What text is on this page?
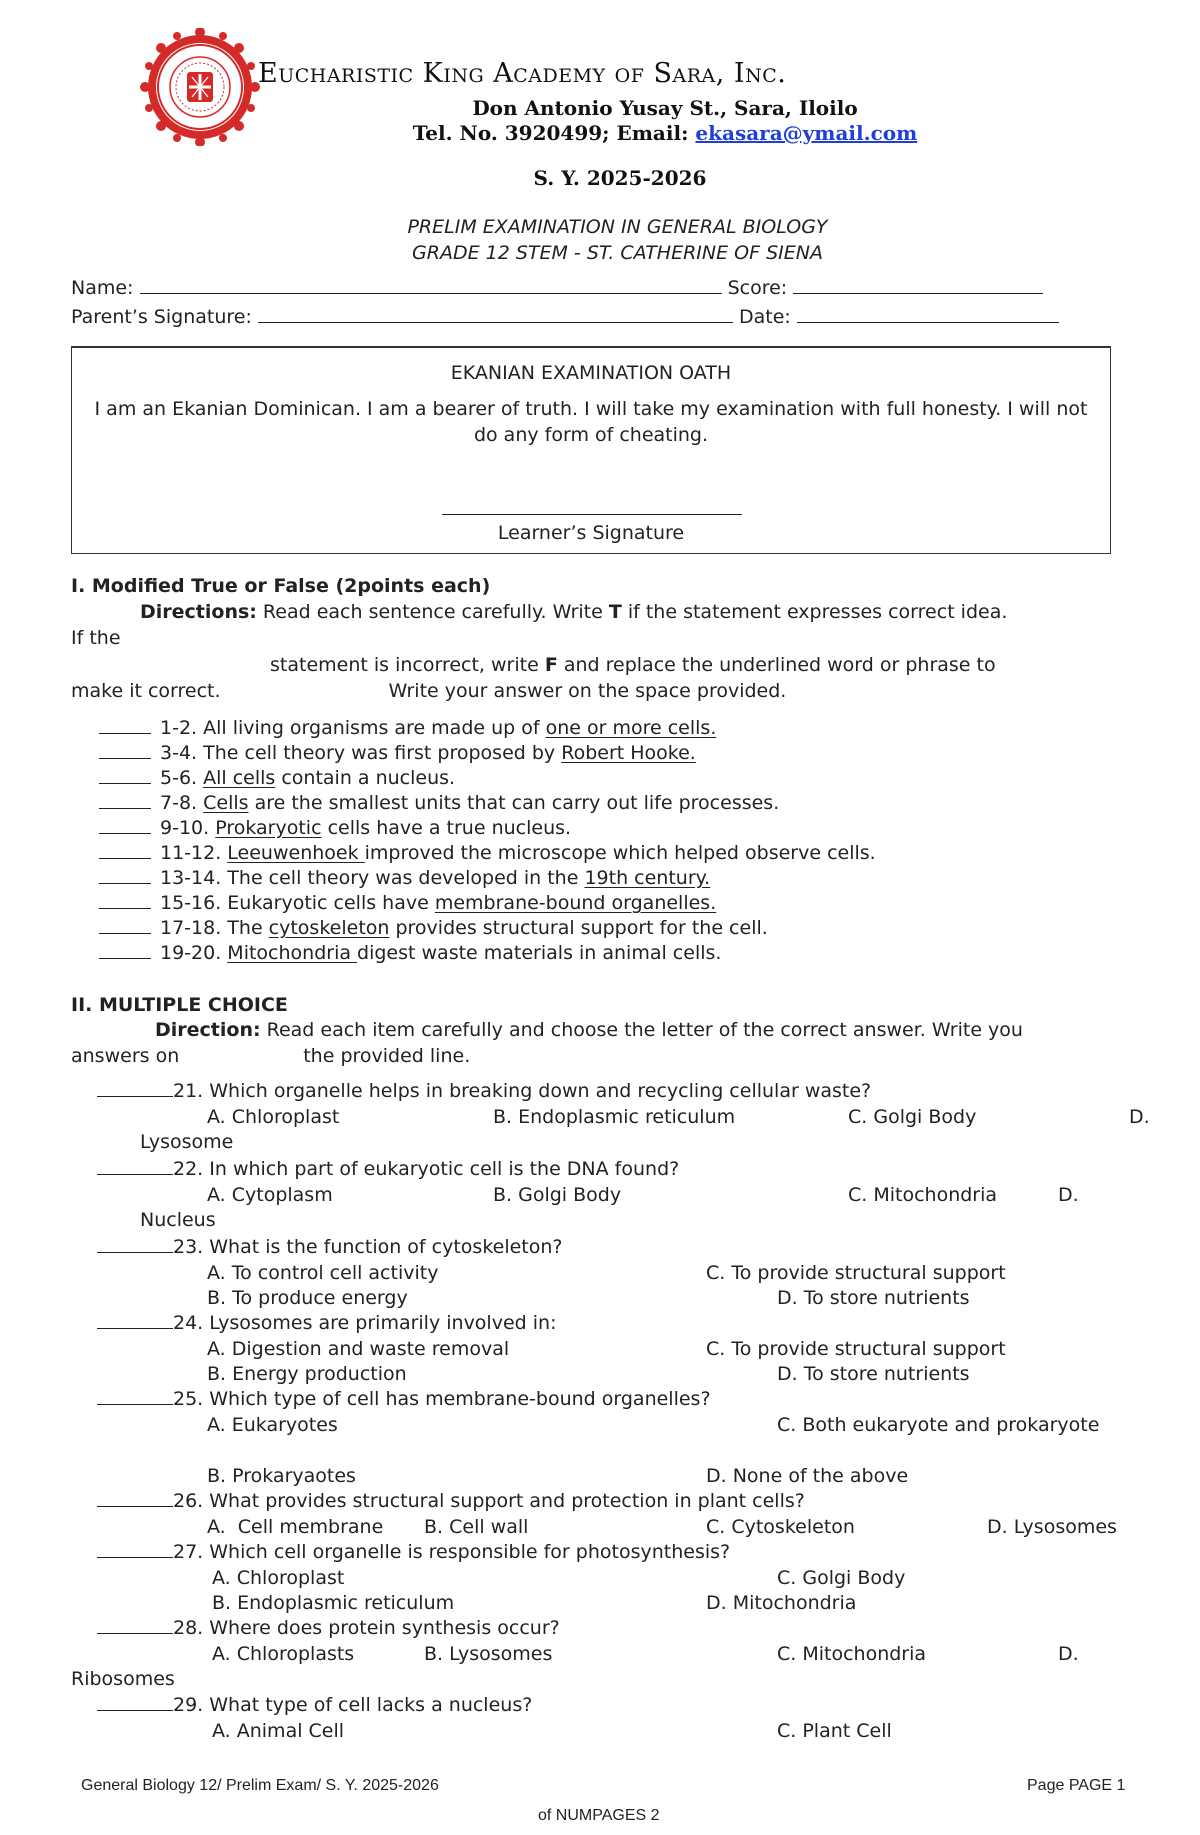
Eucharistic King Academy of Sara, Inc.
Don Antonio Yusay St., Sara, Iloilo
Tel. No. 3920499; Email: ekasara@ymail.com
S. Y. 2025-2026
PRELIM EXAMINATION IN GENERAL BIOLOGY
GRADE 12 STEM - ST. CATHERINE OF SIENA
Name:	Score:
Parent’s Signature:	Date:
EKANIAN EXAMINATION OATH
I am an Ekanian Dominican. I am a bearer of truth. I will take my examination with full honesty. I will not do any form of cheating.
Learner’s Signature
I. Modified True or False (2points each)
Directions: Read each sentence carefully. Write T if the statement expresses correct idea.
If the
statement is incorrect, write F and replace the underlined word or phrase to
make it correct.	Write your answer on the space provided.
1-2. All living organisms are made up of one or more cells.
3-4. The cell theory was first proposed by Robert Hooke.
5-6. All cells contain a nucleus.
7-8. Cells are the smallest units that can carry out life processes.
9-10. Prokaryotic cells have a true nucleus.
11-12. Leeuwenhoek improved the microscope which helped observe cells.
13-14. The cell theory was developed in the 19th century.
15-16. Eukaryotic cells have membrane-bound organelles.
17-18. The cytoskeleton provides structural support for the cell.
19-20. Mitochondria digest waste materials in animal cells.
II. MULTIPLE CHOICE
Direction: Read each item carefully and choose the letter of the correct answer. Write you
answers on	the provided line.
21. Which organelle helps in breaking down and recycling cellular waste?
A. Chloroplast	B. Endoplasmic reticulum	C. Golgi Body	D.
Lysosome
22. In which part of eukaryotic cell is the DNA found?
A. Cytoplasm	B. Golgi Body	C. Mitochondria	D.
Nucleus
23. What is the function of cytoskeleton?
A. To control cell activity	C. To provide structural support
B. To produce energy	D. To store nutrients
24. Lysosomes are primarily involved in:
A. Digestion and waste removal	C. To provide structural support
B. Energy production	D. To store nutrients
25. Which type of cell has membrane-bound organelles?
A. Eukaryotes	C. Both eukaryote and prokaryote
B. Prokaryaotes	D. None of the above
26. What provides structural support and protection in plant cells?
A.  Cell membrane B. Cell wall	C. Cytoskeleton	D. Lysosomes
27. Which cell organelle is responsible for photosynthesis?
A. Chloroplast	C. Golgi Body
B. Endoplasmic reticulum	D. Mitochondria
28. Where does protein synthesis occur?
A. Chloroplasts	B. Lysosomes	C. Mitochondria	D.
Ribosomes
29. What type of cell lacks a nucleus?
A. Animal Cell	C. Plant Cell
General Biology 12/ Prelim Exam/ S. Y. 2025-2026	Page PAGE 1
of NUMPAGES 2
